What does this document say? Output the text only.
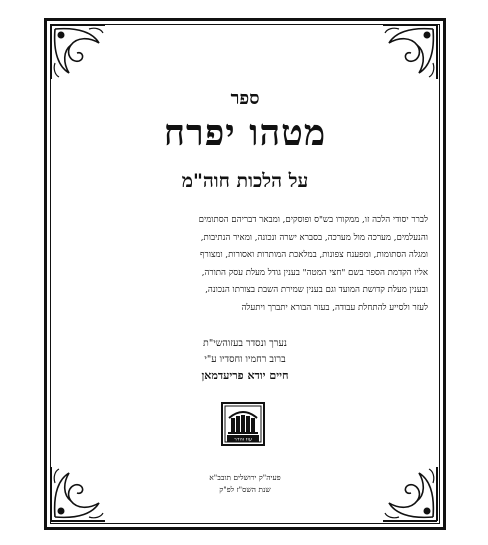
ספר
מטהו יפרח
על הלכות חוה"מ
לברר יסודי הלכה זו, ממקורו בש"ס ופוסקים, ומבאר דבריהם הסתומים
והנעלמים, מערכה מול מערכה, בסברא ישרה ונכונה, ומאיר הנתיבות,
ומגלה הסתומות, ומפענח צפונות, במלאכת המותרות ואסורות, ומצורף
אליו הקדמת הספר בשם "חצי המטה" בענין גודל מעלת עסק התורה,
ובענין מעלת קדושת המועד וגם בענין שמירת השבת בצורתו הנכונה,
לעזר ולסייע להתחלת עבודה, בעזר הבורא יתברך ויתעלה
נערך ונסדר בעזוהשי"ת
ברוב רחמיו וחסדיו ע"י
חיים יודא פריעדמאן
עוז והדר
פעיה"ק ירושלים תובב"א
שנת השס"ז לפ"ק
